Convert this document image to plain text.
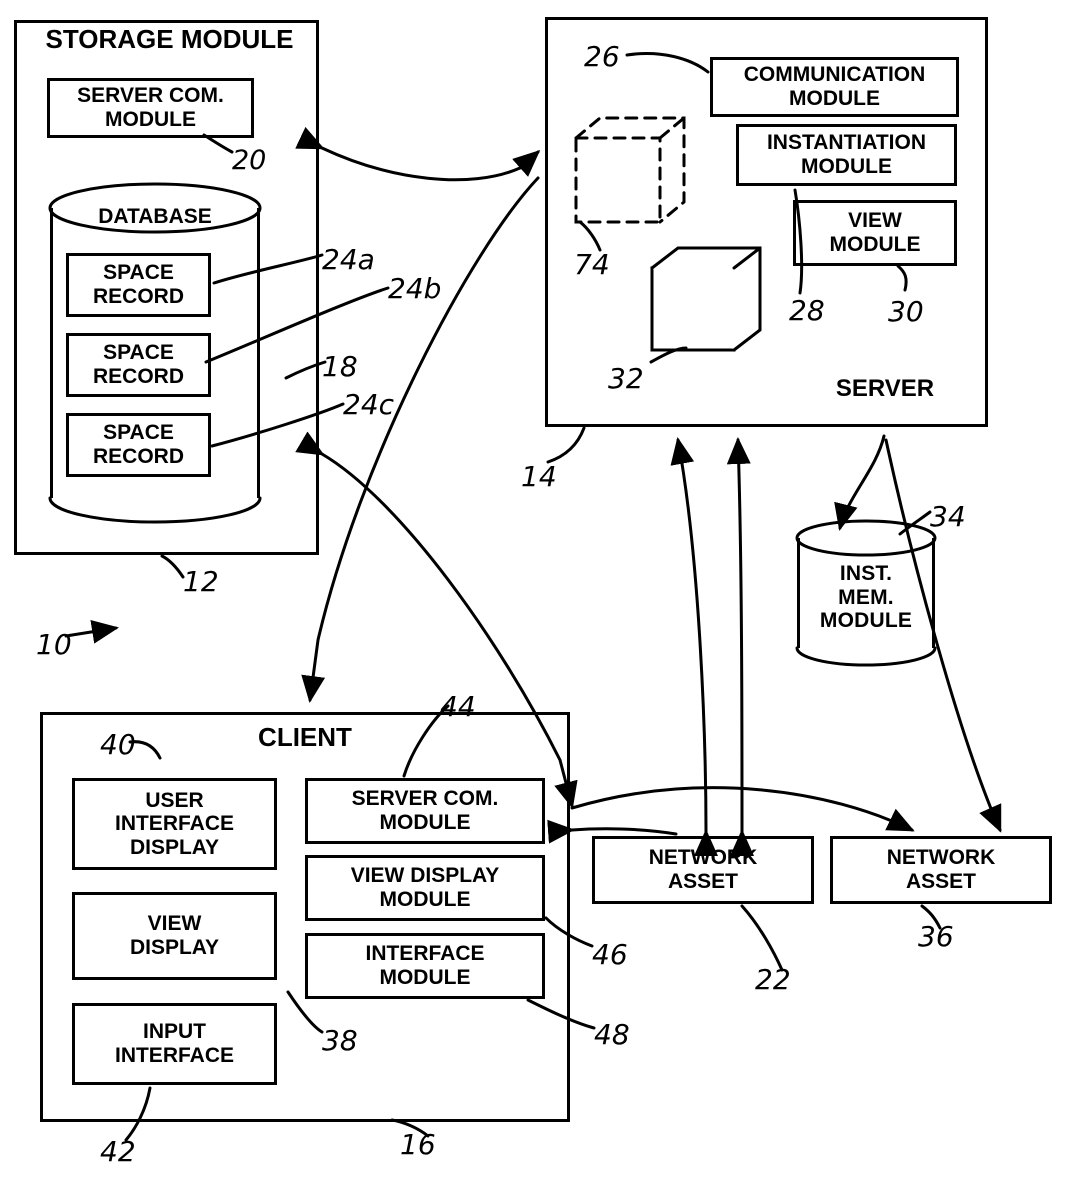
STORAGE MODULE
SERVER COM.
MODULE
20
DATABASE
SPACE
RECORD
SPACE
RECORD
SPACE
RECORD
24a
24b
24c
18
12
SERVER
COMMUNICATION
MODULE
26
INSTANTIATION
MODULE
28
VIEW
MODULE
30
74
32
14
INST.
MEM.
MODULE
34
CLIENT
USER
INTERFACE
DISPLAY
40
VIEW
DISPLAY
38
INPUT
INTERFACE
42
SERVER COM.
MODULE
44
VIEW DISPLAY
MODULE
46
INTERFACE
MODULE
48
16
NETWORK
ASSET
22
NETWORK
ASSET
36
10
